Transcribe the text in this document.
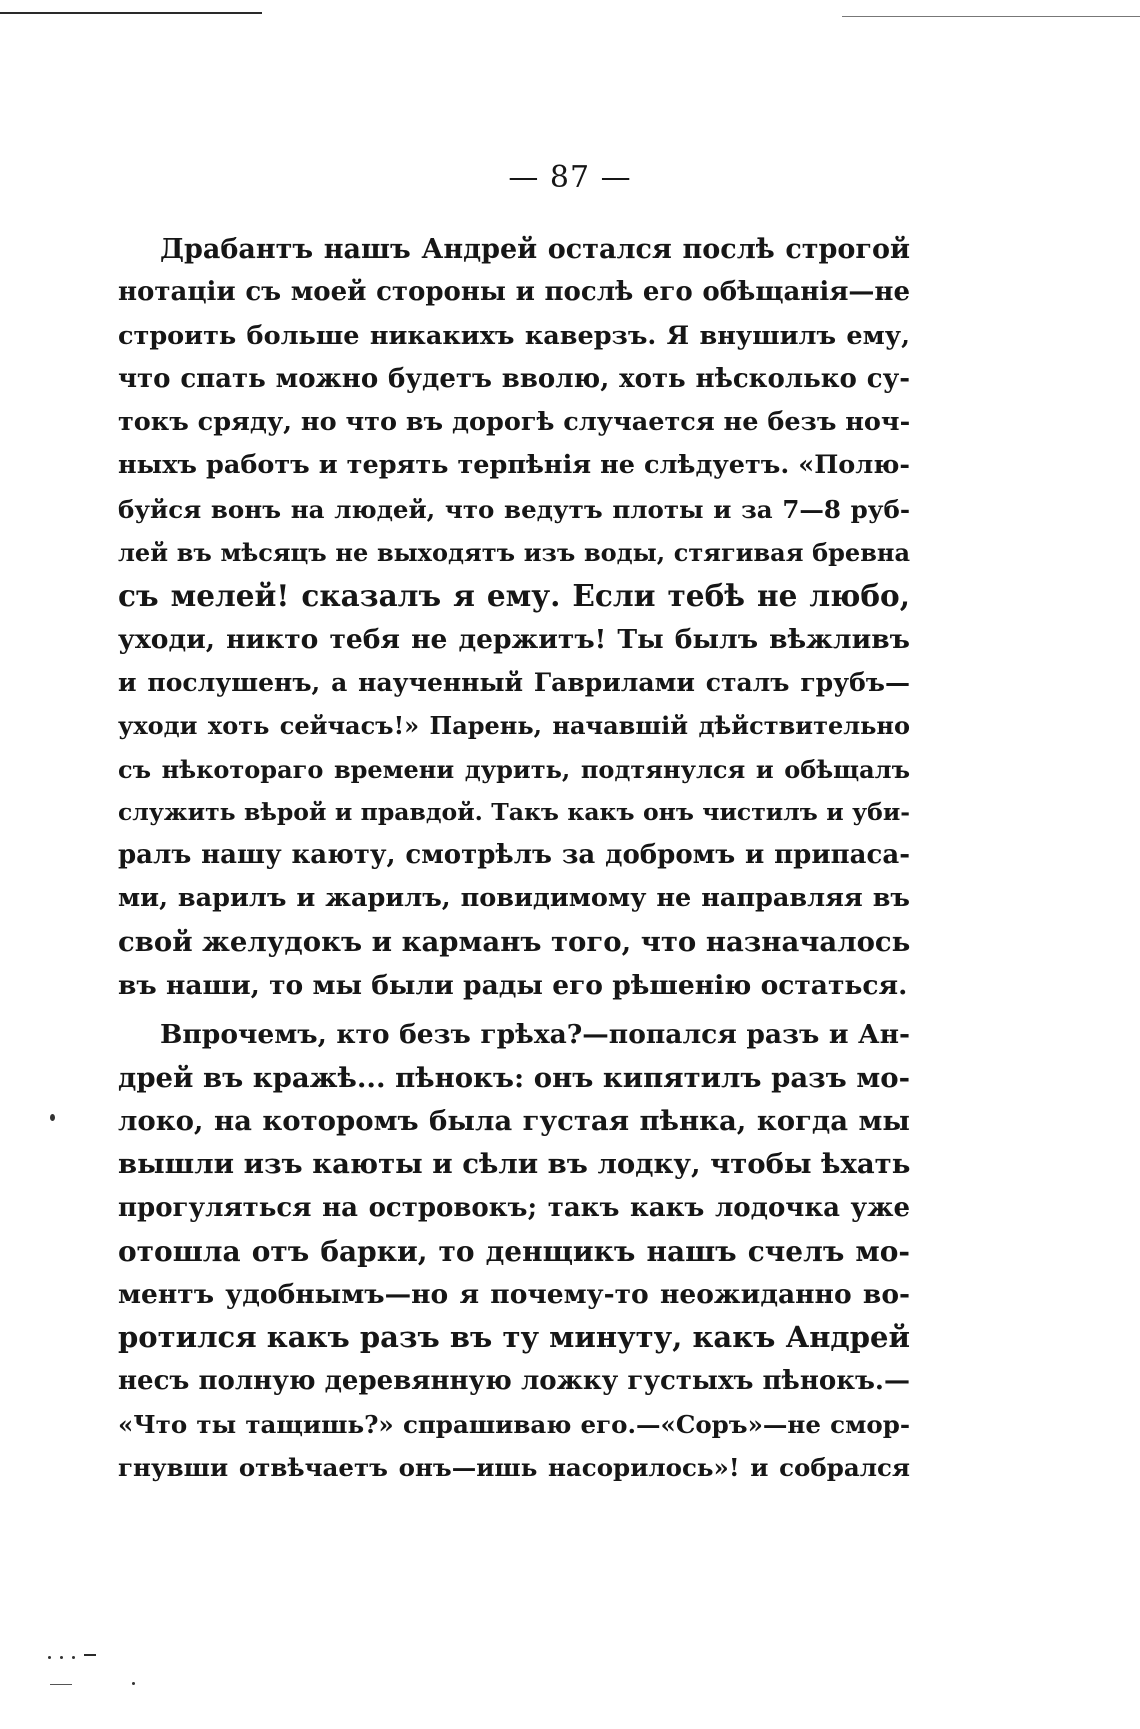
— 87 —
Драбантъ нашъ Андрей остался послѣ строгой
нотаціи съ моей стороны и послѣ его обѣщанія—не
строить больше никакихъ каверзъ. Я внушилъ ему,
что спать можно будетъ вволю, хоть нѣсколько су-
токъ сряду, но что въ дорогѣ случается не безъ ноч-
ныхъ работъ и терять терпѣнія не слѣдуетъ. «Полю-
буйся вонъ на людей, что ведутъ плоты и за 7—8 руб-
лей въ мѣсяцъ не выходятъ изъ воды, стягивая бревна
съ мелей! сказалъ я ему. Если тебѣ не любо,
уходи, никто тебя не держитъ! Ты былъ вѣжливъ
и послушенъ, а наученный Гаврилами сталъ грубъ—
уходи хоть сейчасъ!» Парень, начавшій дѣйствительно
съ нѣкотораго времени дурить, подтянулся и обѣщалъ
служить вѣрой и правдой. Такъ какъ онъ чистилъ и уби-
ралъ нашу каюту, смотрѣлъ за добромъ и припаса-
ми, варилъ и жарилъ, повидимому не направляя въ
свой желудокъ и карманъ того, что назначалось
въ наши, то мы были рады его рѣшенію остаться.
Впрочемъ, кто безъ грѣха?—попался разъ и Ан-
дрей въ кражѣ... пѣнокъ: онъ кипятилъ разъ мо-
локо, на которомъ была густая пѣнка, когда мы
вышли изъ каюты и сѣли въ лодку, чтобы ѣхать
прогуляться на островокъ; такъ какъ лодочка уже
отошла отъ барки, то денщикъ нашъ счелъ мо-
ментъ удобнымъ—но я почему-то неожиданно во-
ротился какъ разъ въ ту минуту, какъ Андрей
несъ полную деревянную ложку густыхъ пѣнокъ.—
«Что ты тащишь?» спрашиваю его.—«Соръ»—не смор-
гнувши отвѣчаетъ онъ—ишь насорилось»! и собрался
